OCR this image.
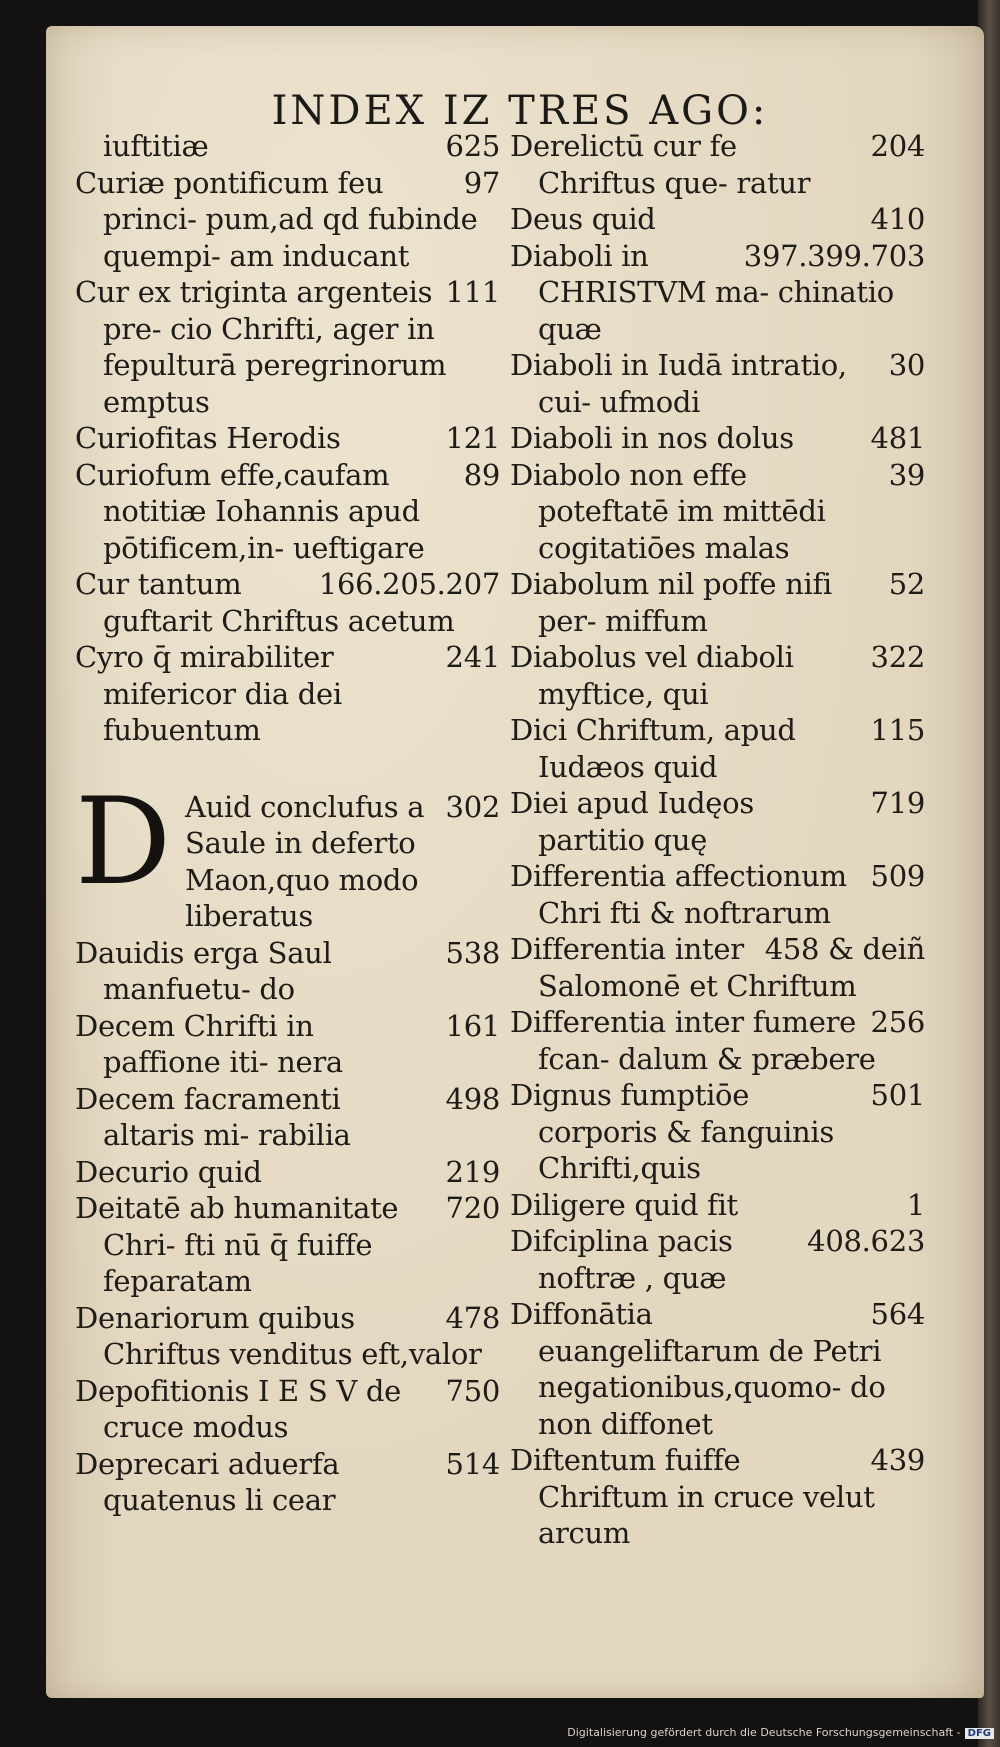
INDEX IZ TRES AGO:
625
iuftitiæ
97
Curiæ pontificum feu princi- pum,ad qd fubinde quempi- am inducant
111
Cur ex triginta argenteis pre- cio Chrifti, ager in fepulturā peregrinorum emptus
121
Curiofitas Herodis
89
Curiofum effe,caufam notitiæ Iohannis apud pōtificem,in- ueftigare
166.205.207
Cur tantum guftarit Chriftus acetum
241
Cyro q̄ mirabiliter mifericor dia dei fubuentum
D	302
Auid conclufus a Saule in deferto Maon,quo modo liberatus
538
Dauidis erga Saul manfuetu- do
161
Decem Chrifti in paffione iti- nera
498
Decem facramenti altaris mi- rabilia
219
Decurio quid
720
Deitatē ab humanitate Chri- fti nū q̄ fuiffe feparatam
478
Denariorum quibus Chriftus venditus eft,valor
750
Depofitionis I E S V de cruce modus
514
Deprecari aduerfa quatenus li cear
204
Derelictū cur fe Chriftus que- ratur
410
Deus quid
397.399.703
Diaboli in CHRISTVM ma- chinatio quæ
30
Diaboli in Iudā intratio, cui- ufmodi
481
Diaboli in nos dolus
39
Diabolo non effe poteftatē im mittēdi cogitatiōes malas
52
Diabolum nil poffe nifi per- miffum
322
Diabolus vel diaboli myftice, qui
115
Dici Chriftum, apud Iudæos quid
719
Diei apud Iudęos partitio quę
509
Differentia affectionum Chri fti & noftrarum
458 & deiñ
Differentia inter Salomonē et Chriftum
256
Differentia inter fumere fcan- dalum & præbere
501
Dignus fumptiōe corporis & fanguinis Chrifti,quis
1
Diligere quid fit
408.623
Difciplina pacis noftræ , quæ
564
Diffonātia euangeliftarum de Petri negationibus,quomo- do non diffonet
439
Diftentum fuiffe Chriftum in cruce velut arcum
Digitalisierung gefördert durch die Deutsche Forschungsgemeinschaft - DFG
